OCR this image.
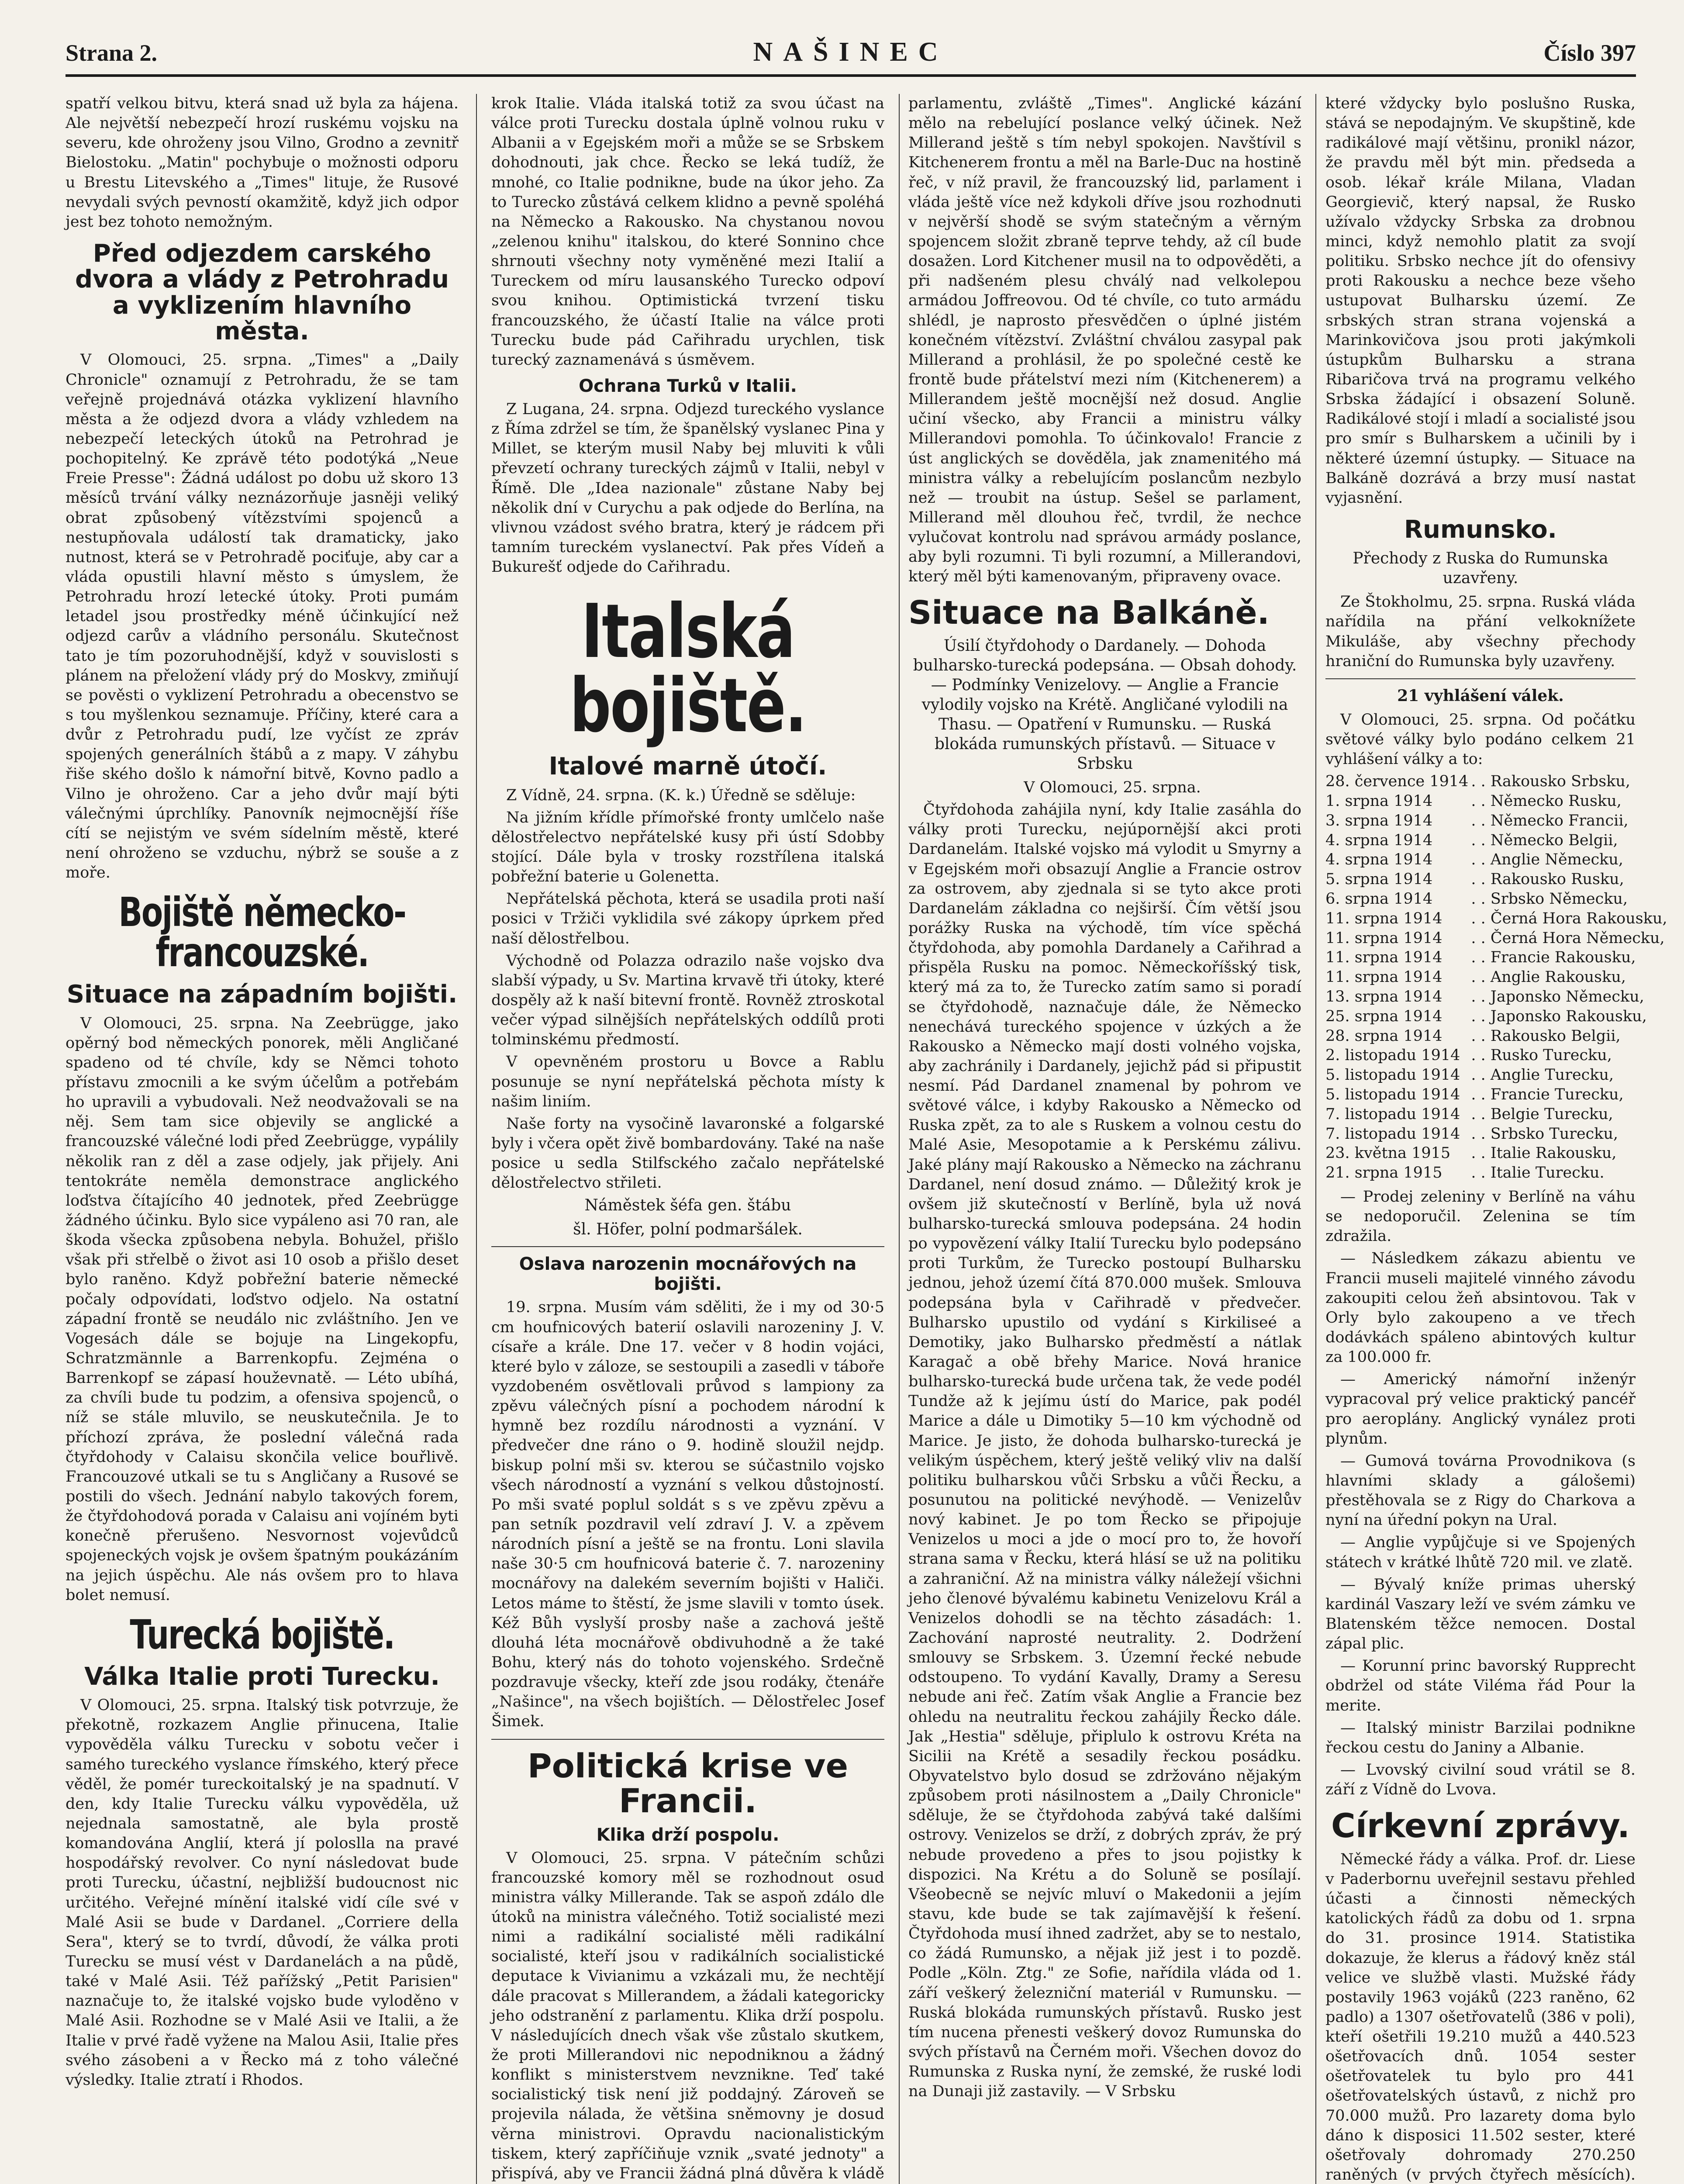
Strana 2.	NAŠINEC	Číslo 397

spatří velkou bitvu, která snad už byla za hájena. Ale největší nebezpečí hrozí ruskému vojsku na severu, kde ohroženy jsou Vilno, Grodno a zevnitř Bielostoku. „Matin" pochybuje o možnosti odporu u Brestu Litevského a „Times" lituje, že Rusové nevydali svých pevností okamžitě, když jich odpor jest bez tohoto nemožným.

Před odjezdem carského dvora a vlády z Petrohradu a vyklizením hlavního města.

V Olomouci, 25. srpna. „Times" a „Daily Chronicle" oznamují z Petrohradu, že se tam veřejně projednává otázka vyklizení hlavního města a že odjezd dvora a vlády vzhledem na nebezpečí leteckých útoků na Petrohrad je pochopitelný. Ke zprávě této podotýká „Neue Freie Presse": Žádná událost po dobu už skoro 13 měsíců trvání války neznázorňuje jasněji veliký obrat způsobený vítězstvími spojenců a nestupňovala událostí tak dramaticky, jako nutnost, která se v Petrohradě pociťuje, aby car a vláda opustili hlavní město s úmyslem, že Petrohradu hrozí letecké útoky. Proti pumám letadel jsou prostředky méně účinkující než odjezd carův a vládního personálu. Skutečnost tato je tím pozoruhodnější, když v souvislosti s plánem na přeložení vlády prý do Moskvy, zmiňují se pověsti o vyklizení Petrohradu a obecenstvo se s tou myšlenkou seznamuje. Příčiny, které cara a dvůr z Petrohradu pudí, lze vyčíst ze zpráv spojených generálních štábů a z mapy. V záhybu řiše ského došlo k námořní bitvě, Kovno padlo a Vilno je ohroženo. Car a jeho dvůr mají býti válečnými úprchlíky. Panovník nejmocnější říše cítí se nejistým ve svém sídelním městě, které není ohroženo se vzduchu, nýbrž se souše a z moře.

Bojiště německo-francouzské.
Situace na západním bojišti.

V Olomouci, 25. srpna. Na Zeebrügge, jako opěrný bod německých ponorek, měli Angličané spadeno od té chvíle, kdy se Němci tohoto přístavu zmocnili a ke svým účelům a potřebám ho upravili a vybudovali. Než neodvažovali se na něj. Sem tam sice objevily se anglické a francouzské válečné lodi před Zeebrügge, vypálily několik ran z děl a zase odjely, jak přijely. Ani tentokráte neměla demonstrace anglického loďstva čítajícího 40 jednotek, před Zeebrügge žádného účinku. Bylo sice vypáleno asi 70 ran, ale škoda všecka způsobena nebyla. Bohužel, přišlo však při střelbě o život asi 10 osob a přišlo deset bylo raněno. Když pobřežní baterie německé počaly odpovídati, loďstvo odjelo. Na ostatní západní frontě se neudálo nic zvláštního. Jen ve Vogesách dále se bojuje na Lingekopfu, Schratzmännle a Barrenkopfu. Zejména o Barrenkopf se zápasí houževnatě. — Léto ubíhá, za chvíli bude tu podzim, a ofensiva spojenců, o níž se stále mluvilo, se neuskutečnila. Je to příchozí zpráva, že poslední válečná rada čtyřdohody v Calaisu skončila velice bouřlivě. Francouzové utkali se tu s Angličany a Rusové se postili do všech. Jednání nabylo takových forem, že čtyřdohodová porada v Calaisu ani vojíném byti konečně přerušeno. Nesvornost vojevůdců spojeneckých vojsk je ovšem špatným poukázáním na jejich úspěchu. Ale nás ovšem pro to hlava bolet nemusí.

Turecká bojiště.
Válka Italie proti Turecku.

V Olomouci, 25. srpna. Italský tisk potvrzuje, že překotně, rozkazem Anglie přinucena, Italie vypověděla válku Turecku v sobotu večer i samého tureckého vyslance římského, který přece věděl, že pomér tureckoitalský je na spadnutí. V den, kdy Italie Turecku válku vypověděla, už nejednala samostatně, ale byla prostě komandována Anglií, která jí poloslla na pravé hospodářský revolver. Co nyní následovat bude proti Turecku, účastní, nejbližší budoucnost nic určitého. Veřejné mínění italské vidí cíle své v Malé Asii se bude v Dardanel. „Corriere della Sera", který se to tvrdí, důvodí, že válka proti Turecku se musí vést v Dardanelách a na půdě, také v Malé Asii. Též pařížský „Petit Parisien" naznačuje to, že italské vojsko bude vyloděno v Malé Asii. Rozhodne se v Malé Asii ve Italii, a že Italie v prvé řadě vyžene na Malou Asii, Italie přes svého zásobeni a v Řecko má z toho válečné výsledky. Italie ztratí i Rhodos.

krok Italie. Vláda italská totiž za svou účast na válce proti Turecku dostala úplně volnou ruku v Albanii a v Egejském moři a může se se Srbskem dohodnouti, jak chce. Řecko se leká tudíž, že mnohé, co Italie podnikne, bude na úkor jeho. Za to Turecko zůstává celkem klidno a pevně spoléhá na Německo a Rakousko. Na chystanou novou „zelenou knihu" italskou, do které Sonnino chce shrnouti všechny noty vyměněné mezi Italií a Tureckem od míru lausanského Turecko odpoví svou knihou. Optimistická tvrzení tisku francouzského, že účastí Italie na válce proti Turecku bude pád Cařihradu urychlen, tisk turecký zaznamenává s úsměvem.

Ochrana Turků v Italii.

Z Lugana, 24. srpna. Odjezd tureckého vyslance z Říma zdržel se tím, že španělský vyslanec Pina y Millet, se kterým musil Naby bej mluviti k vůli převzetí ochrany tureckých zájmů v Italii, nebyl v Římě. Dle „Idea nazionale" zůstane Naby bej několik dní v Curychu a pak odjede do Berlína, na vlivnou vzádost svého bratra, který je rádcem při tamním tureckém vyslanectví. Pak přes Vídeň a Bukurešť odjede do Cařihradu.

Italská bojiště.
Italové marně útočí.

Z Vídně, 24. srpna. (K. k.) Úředně se sděluje:

Na jižním křídle přímořské fronty umlčelo naše dělostřelectvo nepřátelské kusy při ústí Sdobby stojící. Dále byla v trosky rozstřílena italská pobřežní baterie u Golenetta.

Nepřátelská pěchota, která se usadila proti naší posici v Tržiči vyklidila své zákopy úprkem před naší dělostřelbou.

Východně od Polazza odrazilo naše vojsko dva slabší výpady, u Sv. Martina krvavě tři útoky, které dospěly až k naší bitevní frontě. Rovněž ztroskotal večer výpad silnějších nepřátelských oddílů proti tolminskému předmostí.

V opevněném prostoru u Bovce a Rablu posunuje se nyní nepřátelská pěchota místy k našim liniím.

Naše forty na vysočině lavaronské a folgarské byly i včera opět živě bombardovány. Také na naše posice u sedla Stilfsckého začalo nepřátelské dělostřelectvo střileti.

Náměstek šéfa gen. štábu
šl. Höfer, polní podmaršálek.
Oslava narozenin mocnářových na bojišti.

19. srpna. Musím vám sděliti, že i my od 30·5 cm houfnicových baterií oslavili narozeniny J. V. císaře a krále. Dne 17. večer v 8 hodin vojáci, které bylo v záloze, se sestoupili a zasedli v táboře vyzdobeném osvětlovali průvod s lampiony za zpěvu válečných písní a pochodem národní k hymně bez rozdílu národnosti a vyznání. V předvečer dne ráno o 9. hodině sloužil nejdp. biskup polní mši sv. kterou se súčastnilo vojsko všech národností a vyznání s velkou důstojností. Po mši svaté poplul soldát s s ve zpěvu zpěvu a pan setník pozdravil velí zdraví J. V. a zpěvem národních písní a ještě se na frontu. Loni slavila naše 30·5 cm houfnicová baterie č. 7. narozeniny mocnářovy na dalekém severním bojišti v Haliči. Letos máme to štěstí, že jsme slavili v tomto úsek. Kéž Bůh vyslyší prosby naše a zachová ještě dlouhá léta mocnářově obdivuhodně a že také Bohu, který nás do tohoto vojenského. Srdečně pozdravuje všecky, kteří zde jsou rodáky, čtenáře „Našince", na všech bojištích. — Dělostřelec Josef Šimek.

Politická krise ve Francii.
Klika drží pospolu.

V Olomouci, 25. srpna. V pátečním schůzi francouzské komory měl se rozhodnout osud ministra války Millerande. Tak se aspoň zdálo dle útoků na ministra válečného. Totiž socialisté mezi nimi a radikální socialisté měli radikální socialisté, kteří jsou v radikálních socialistické deputace k Vivianimu a vzkázali mu, že nechtějí dále pracovat s Millerandem, a žádali kategoricky jeho odstranění z parlamentu. Klika drží pospolu. V následujících dnech však vše zůstalo skutkem, že proti Millerandovi nic nepodniknou a žádný konflikt s ministerstvem nevznikne. Teď také socialistický tisk není již poddajný. Zároveň se projevila nálada, že většina sněmovny je dosud věrna ministrovi. Opravdu nacionalistickým tiskem, který zapříčiňuje vznik „svaté jednoty" a přispívá, aby ve Francii žádná plná důvěra k vládě

parlamentu, zvláště „Times". Anglické kázání mělo na rebelující poslance velký účinek. Než Millerand ještě s tím nebyl spokojen. Navštívil s Kitchenerem frontu a měl na Barle-Duc na hostině řeč, v níž pravil, že francouzský lid, parlament i vláda ještě více než kdykoli dříve jsou rozhodnuti v nejvěrší shodě se svým statečným a věrným spojencem složit zbraně teprve tehdy, až cíl bude dosažen. Lord Kitchener musil na to odpověděti, a při nadšeném plesu chválý nad velkolepou armádou Joffreovou. Od té chvíle, co tuto armádu shlédl, je naprosto přesvědčen o úplné jistém konečném vítězství. Zvláštní chválou zasypal pak Millerand a prohlásil, že po společné cestě ke frontě bude přátelství mezi ním (Kitchenerem) a Millerandem ještě mocnější než dosud. Anglie učiní všecko, aby Francii a ministru války Millerandovi pomohla. To účinkovalo! Francie z úst anglických se dověděla, jak znamenitého má ministra války a rebelujícím poslancům nezbylo než — troubit na ústup. Sešel se parlament, Millerand měl dlouhou řeč, tvrdil, že nechce vylučovat kontrolu nad správou armády poslance, aby byli rozumni. Ti byli rozumní, a Millerandovi, který měl býti kamenovaným, připraveny ovace.

Situace na Balkáně.
Úsilí čtyřdohody o Dardanely. — Dohoda bulharsko-turecká podepsána. — Obsah dohody. — Podmínky Venizelovy. — Anglie a Francie vylodily vojsko na Krétě. Angličané vylodili na Thasu. — Opatření v Rumunsku. — Ruská blokáda rumunských přístavů. — Situace v Srbsku

V Olomouci, 25. srpna.

Čtyřdohoda zahájila nyní, kdy Italie zasáhla do války proti Turecku, nejúpornější akci proti Dardanelám. Italské vojsko má vylodit u Smyrny a v Egejském moři obsazují Anglie a Francie ostrov za ostrovem, aby zjednala si se tyto akce proti Dardanelám základna co nejširší. Čím větší jsou porážky Ruska na východě, tím více spěchá čtyřdohoda, aby pomohla Dardanely a Cařihrad a přispěla Rusku na pomoc. Německoříšský tisk, který má za to, že Turecko zatím samo si poradí se čtyřdohodě, naznačuje dále, že Německo nenechává tureckého spojence v úzkých a že Rakousko a Německo mají dosti volného vojska, aby zachránily i Dardanely, jejichž pád si připustit nesmí. Pád Dardanel znamenal by pohrom ve světové válce, i kdyby Rakousko a Německo od Ruska zpět, za to ale s Ruskem a volnou cestu do Malé Asie, Mesopotamie a k Perskému zálivu. Jaké plány mají Rakousko a Německo na záchranu Dardanel, není dosud známo. — Důležitý krok je ovšem již skutečností v Berlíně, byla už nová bulharsko-turecká smlouva podepsána. 24 hodin po vypovězení války Italií Turecku bylo podepsáno proti Turkům, že Turecko postoupí Bulharsku jednou, jehož území čítá 870.000 mušek. Smlouva podepsána byla v Cařihradě v předvečer. Bulharsko upustilo od vydání s Kirkiliseé a Demotiky, jako Bulharsko předměstí a nátlak Karagač a obě břehy Marice. Nová hranice bulharsko-turecká bude určena tak, že vede podél Tundže až k jejímu ústí do Marice, pak podél Marice a dále u Dimotiky 5—10 km východně od Marice. Je jisto, že dohoda bulharsko-turecká je velikým úspěchem, který ještě veliký vliv na další politiku bulharskou vůči Srbsku a vůči Řecku, a posunutou na politické nevýhodě. — Venizelův nový kabinet. Je po tom Řecko se připojuje Venizelos u moci a jde o mocí pro to, že hovoří strana sama v Řecku, která hlásí se už na politiku a zahraniční. Až na ministra války náležejí všichni jeho členové bývalému kabinetu Venizelovu Král a Venizelos dohodli se na těchto zásadách: 1. Zachování naprosté neutrality. 2. Dodržení smlouvy se Srbskem. 3. Územní řecké nebude odstoupeno. To vydání Kavally, Dramy a Seresu nebude ani řeč. Zatím však Anglie a Francie bez ohledu na neutralitu řeckou zahájily Řecko dále. Jak „Hestia" sděluje, připlulo k ostrovu Kréta na Sicilii na Krétě a sesadily řeckou posádku. Obyvatelstvo bylo dosud se zdržováno nějakým způsobem proti násilnostem a „Daily Chronicle" sděluje, že se čtyřdohoda zabývá také dalšími ostrovy. Venizelos se drží, z dobrých zpráv, že prý nebude provedeno a přes to jsou pojistky k dispozici. Na Krétu a do Soluně se posílají. Všeobecně se nejvíc mluví o Makedonii a jejím stavu, kde bude se tak zajímavější k řešení. Čtyřdohoda musí ihned zadržet, aby se to nestalo, co žádá Rumunsko, a nějak již jest i to pozdě. Podle „Köln. Ztg." ze Sofie, nařídila vláda od 1. září veškerý železniční materiál v Rumunsku. — Ruská blokáda rumunských přístavů. Rusko jest tím nucena přenesti veškerý dovoz Rumunska do svých přístavů na Černém moři. Všechen dovoz do Rumunska z Ruska nyní, že zemské, že ruské lodi na Dunaji již zastavily. — V Srbsku

které vždycky bylo poslušno Ruska, stává se nepodajným. Ve skupštině, kde radikálové mají většinu, pronikl názor, že pravdu měl být min. předseda a osob. lékař krále Milana, Vladan Georgievič, který napsal, že Rusko užívalo vždycky Srbska za drobnou minci, když nemohlo platit za svojí politiku. Srbsko nechce jít do ofensivy proti Rakousku a nechce beze všeho ustupovat Bulharsku území. Ze srbských stran strana vojenská a Marinkovičova jsou proti jakýmkoli ústupkům Bulharsku a strana Ribaričova trvá na programu velkého Srbska žádající i obsazení Soluně. Radikálové stojí i mladí a socialisté jsou pro smír s Bulharskem a učinili by i některé územní ústupky. — Situace na Balkáně dozrává a brzy musí nastat vyjasnění.

Rumunsko.
Přechody z Ruska do Rumunska uzavřeny.

Ze Štokholmu, 25. srpna. Ruská vláda nařídila na přání velkoknížete Mikuláše, aby všechny přechody hraniční do Rumunska byly uzavřeny.

21 vyhlášení válek.

V Olomouci, 25. srpna. Od počátku světové války bylo podáno celkem 21 vyhlášení války a to:

28. července 1914	. . Rakousko Srbsku,
1. srpna 1914	. . Německo Rusku,
3. srpna 1914	. . Německo Francii,
4. srpna 1914	. . Německo Belgii,
4. srpna 1914	. . Anglie Německu,
5. srpna 1914	. . Rakousko Rusku,
6. srpna 1914	. . Srbsko Německu,
11. srpna 1914	. . Černá Hora Rakousku,
11. srpna 1914	. . Černá Hora Německu,
11. srpna 1914	. . Francie Rakousku,
11. srpna 1914	. . Anglie Rakousku,
13. srpna 1914	. . Japonsko Německu,
25. srpna 1914	. . Japonsko Rakousku,
28. srpna 1914	. . Rakousko Belgii,
2. listopadu 1914	. . Rusko Turecku,
5. listopadu 1914	. . Anglie Turecku,
5. listopadu 1914	. . Francie Turecku,
7. listopadu 1914	. . Belgie Turecku,
7. listopadu 1914	. . Srbsko Turecku,
23. května 1915	. . Italie Rakousku,
21. srpna 1915	. . Italie Turecku.

— Prodej zeleniny v Berlíně na váhu se nedoporučil. Zelenina se tím zdražila.

— Následkem zákazu abientu ve Francii museli majitelé vinného závodu zakoupiti celou žeň absintovou. Tak v Orly bylo zakoupeno a ve třech dodávkách spáleno abintových kultur za 100.000 fr.

— Americký námořní inženýr vypracoval prý velice praktický pancéř pro aeroplány. Anglický vynález proti plynům.

— Gumová továrna Provodnikova (s hlavními sklady a gálošemi) přestěhovala se z Rigy do Charkova a nyní na úřední pokyn na Ural.

— Anglie vypůjčuje si ve Spojených státech v krátké lhůtě 720 mil. ve zlatě.

— Bývalý kníže primas uherský kardinál Vaszary leží ve svém zámku ve Blatenském těžce nemocen. Dostal zápal plic.

— Korunní princ bavorský Rupprecht obdržel od státe Viléma řád Pour la merite.

— Italský ministr Barzilai podnikne řeckou cestu do Janiny a Albanie.

— Lvovský civilní soud vrátil se 8. září z Vídně do Lvova.

Církevní zprávy.

Německé řády a válka. Prof. dr. Liese v Paderbornu uveřejnil sestavu přehled účasti a činnosti německých katolických řádů za dobu od 1. srpna do 31. prosince 1914. Statistika dokazuje, že klerus a řádový kněz stál velice ve službě vlasti. Mužské řády postavily 1963 vojáků (223 raněno, 62 padlo) a 1307 ošetřovatelů (386 v poli), kteří ošetřili 19.210 mužů a 440.523 ošetřovacích dnů. 1054 sester ošetřovatelek tu bylo pro 441 ošetřovatelských ústavů, z nichž pro 70.000 mužů. Pro lazarety doma bylo dáno k disposici 11.502 sester, které ošetřovaly dohromady 270.250 raněných (v prvých čtyřech měsících).
